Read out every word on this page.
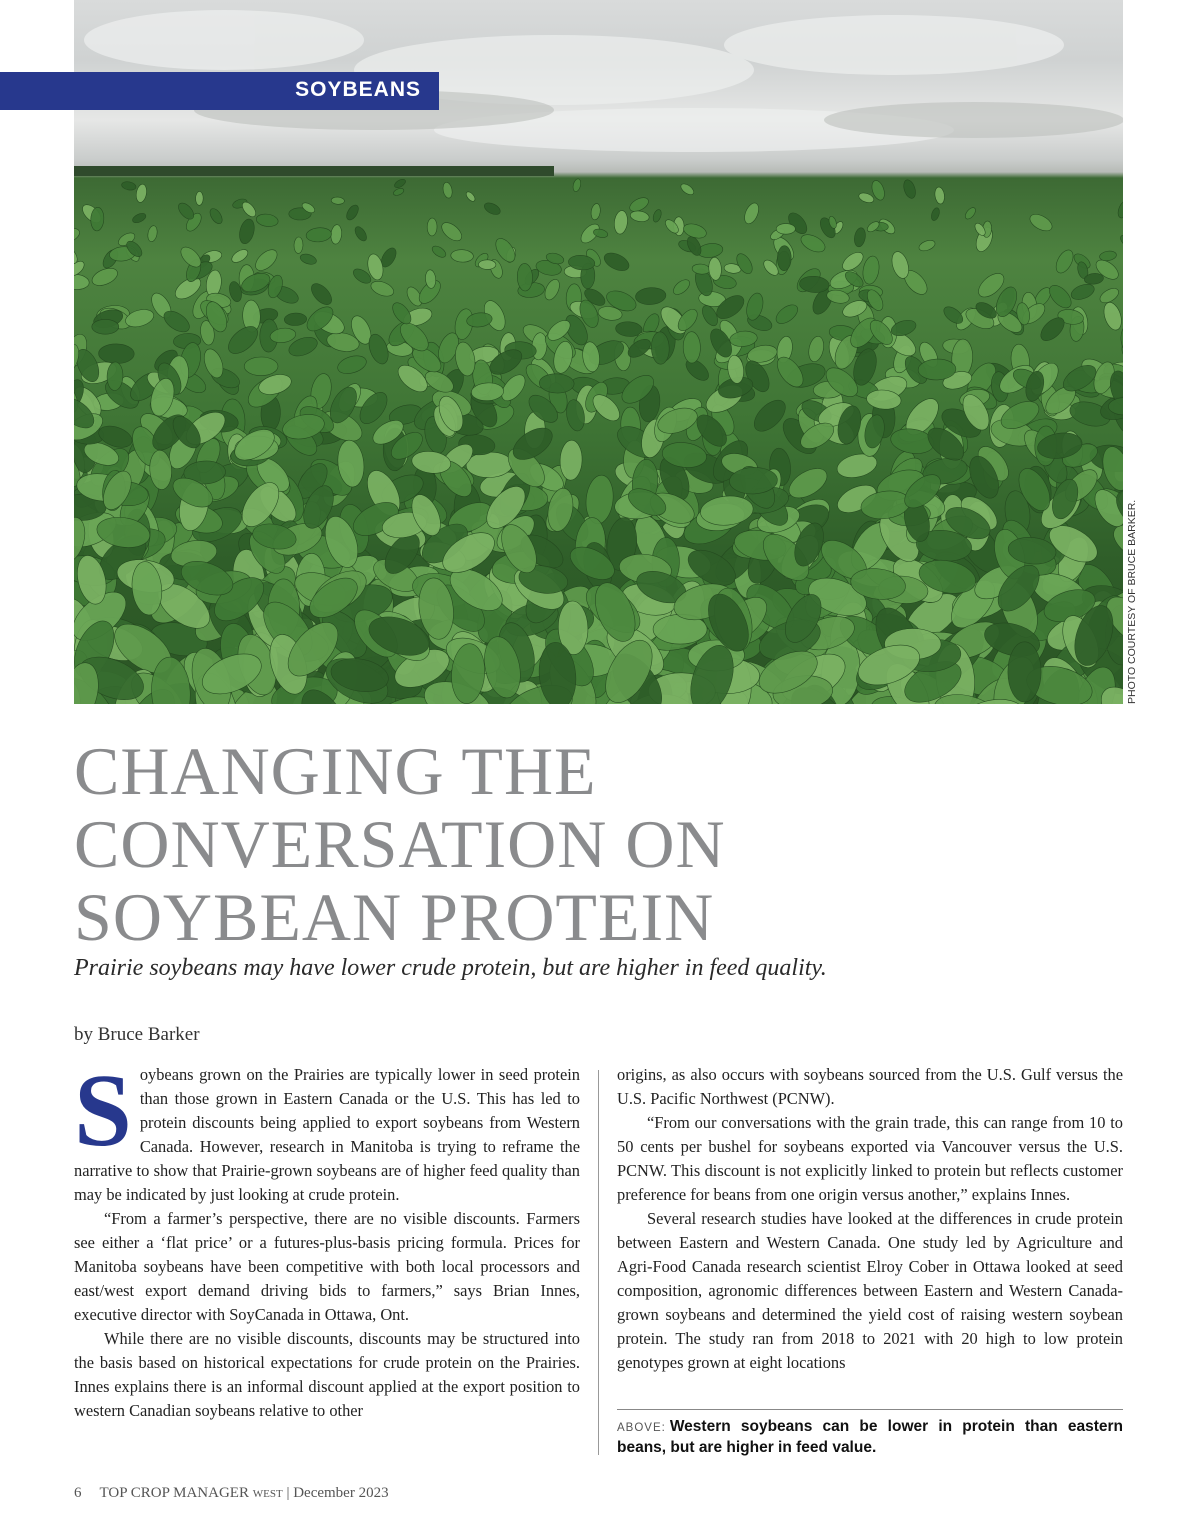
SOYBEANS
PHOTO COURTESY OF BRUCE BARKER.
CHANGING THE
CONVERSATION ON
SOYBEAN PROTEIN
Prairie soybeans may have lower crude protein, but are higher in feed quality.
by Bruce Barker

Soybeans grown on the Prairies are typically lower in seed protein than those grown in Eastern Canada or the U.S. This has led to protein discounts being applied to export soybeans from Western Canada. However, research in Manitoba is trying to reframe the narrative to show that Prairie-grown soybeans are of higher feed quality than may be indicated by just looking at crude protein.

“From a farmer’s perspective, there are no visible discounts. Farmers see either a ‘flat price’ or a futures-plus-basis pricing formula. Prices for Manitoba soybeans have been competitive with both local processors and east/west export demand driving bids to farmers,” says Brian Innes, executive director with SoyCanada in Ottawa, Ont.

While there are no visible discounts, discounts may be structured into the basis based on historical expectations for crude protein on the Prairies. Innes explains there is an informal discount applied at the export position to western Canadian soybeans relative to other

origins, as also occurs with soybeans sourced from the U.S. Gulf versus the U.S. Pacific Northwest (PCNW).

“From our conversations with the grain trade, this can range from 10 to 50 cents per bushel for soybeans exported via Vancouver versus the U.S. PCNW. This discount is not explicitly linked to protein but reflects customer preference for beans from one origin versus another,” explains Innes.

Several research studies have looked at the differences in crude protein between Eastern and Western Canada. One study led by Agriculture and Agri-Food Canada research scientist Elroy Cober in Ottawa looked at seed composition, agronomic differences between Eastern and Western Canada-grown soybeans and determined the yield cost of raising western soybean protein. The study ran from 2018 to 2021 with 20 high to low protein genotypes grown at eight locations

ABOVE: Western soybeans can be lower in protein than eastern beans, but are higher in feed value.
6 TOP CROP MANAGER WEST | December 2023
